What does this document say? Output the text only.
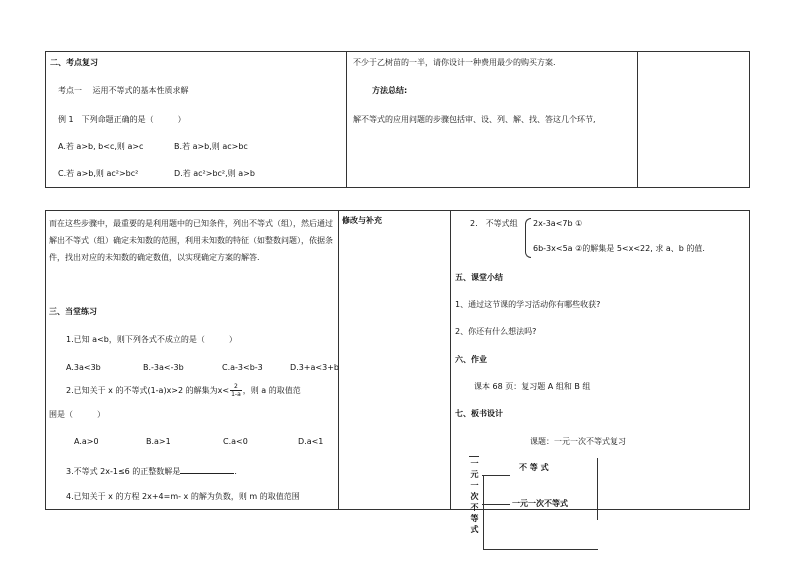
二、考点复习
考点一　 运用不等式的基本性质求解
例 1　下列命题正确的是（　　　）
A.若 a>b, b<c,则 a>c	B.若 a>b,则 ac>bc
C.若 a>b,则 ac²>bc²	D.若 ac²>bc²,则 a>b
不少于乙树苗的一半，请你设计一种费用最少的购买方案.
方法总结:
解不等式的应用问题的步骤包括审、设、列、解、找、答这几个环节,
而在这些步骤中，最重要的是利用题中的已知条件，列出不等式（组），然后通过解出不等式（组）确定未知数的范围，利用未知数的特征（如整数问题），依据条件，找出对应的未知数的确定数值，以实现确定方案的解答.
三、当堂练习
1.已知 a<b，则下列各式不成立的是（　　　）
A.3a<3b	B.-3a<-3b	C.a-3<b-3	D.3+a<3+b
2.已知关于 x 的不等式(1-a)x>2 的解集为$x< \frac{2}{1-a}$ ，则 a 的取值范
围是（　　　）
A.a>0	B.a>1	C.a<0	D.a<1
3.不等式 2x-1≤6 的正整数解是	.
4.已知关于 x 的方程 2x+4=m- x 的解为负数，则 m 的取值范围
修改与补充	2.　不等式组 2x-3a<7b ①
6b-3x<5a ②的解集是 5<x<22, 求 a、b 的值.
五、课堂小结
1、通过这节课的学习活动你有哪些收获?
2、你还有什么想法吗?
六、作业
课本 68 页：复习题 A 组和 B 组
七、板书设计
课题：一元一次不等式复习
一元一次不等式
不 等 式
一元一次不等式
